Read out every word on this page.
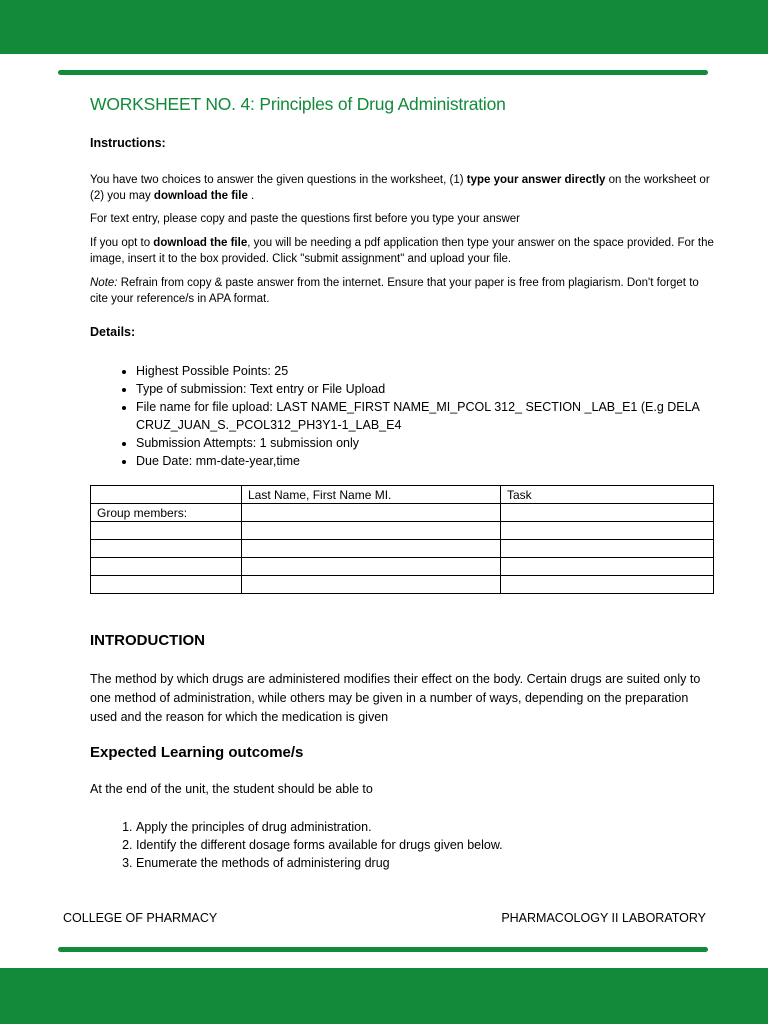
WORKSHEET NO. 4: Principles of Drug Administration

Instructions:

You have two choices to answer the given questions in the worksheet, (1) type your answer directly on the worksheet or (2) you may download the file .

For text entry, please copy and paste the questions first before you type your answer

If you opt to download the file, you will be needing a pdf application then type your answer on the space provided. For the image, insert it to the box provided. Click "submit assignment" and upload your file.

Note: Refrain from copy & paste answer from the internet. Ensure that your paper is free from plagiarism. Don't forget to cite your reference/s in APA format.

Details:

• Highest Possible Points: 25
• Type of submission: Text entry or File Upload
• File name for file upload: LAST NAME_FIRST NAME_MI_PCOL 312_ SECTION _LAB_E1 (E.g DELA CRUZ_JUAN_S._PCOL312_PH3Y1-1_LAB_E4
• Submission Attempts: 1 submission only
• Due Date: mm-date-year,time
	Last Name, First Name MI.	Task
Group members:		

INTRODUCTION

The method by which drugs are administered modifies their effect on the body. Certain drugs are suited only to one method of administration, while others may be given in a number of ways, depending on the preparation used and the reason for which the medication is given

Expected Learning outcome/s

At the end of the unit, the student should be able to

1. Apply the principles of drug administration.
2. Identify the different dosage forms available for drugs given below.
3. Enumerate the methods of administering drug
COLLEGE OF PHARMACY	PHARMACOLOGY II LABORATORY
